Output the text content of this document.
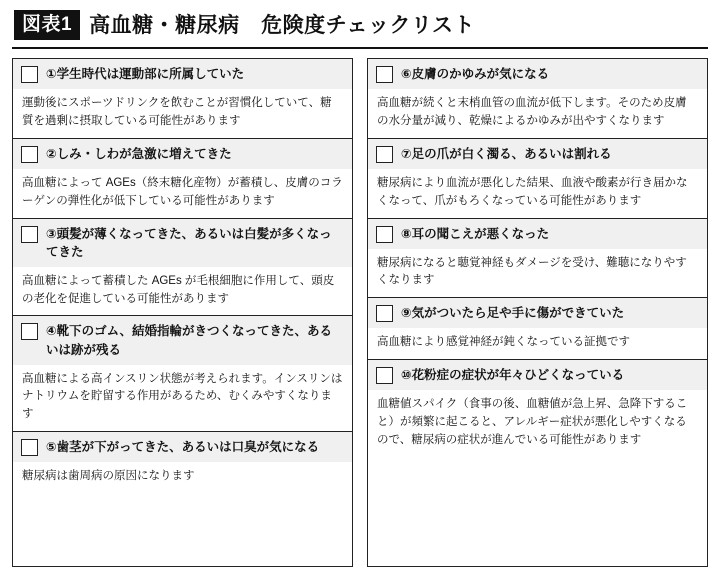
図表1 高血糖・糖尿病　危険度チェックリスト
①学生時代は運動部に所属していた
運動後にスポーツドリンクを飲むことが習慣化していて、糖質を過剰に摂取している可能性があります
②しみ・しわが急激に増えてきた
高血糖によって AGEs（終末糖化産物）が蓄積し、皮膚のコラーゲンの弾性化が低下している可能性があります
③頭髪が薄くなってきた、あるいは白髪が多くなってきた
高血糖によって蓄積した AGEs が毛根細胞に作用して、頭皮の老化を促進している可能性があります
④靴下のゴム、結婚指輪がきつくなってきた、あるいは跡が残る
高血糖による高インスリン状態が考えられます。インスリンはナトリウムを貯留する作用があるため、むくみやすくなります
⑤歯茎が下がってきた、あるいは口臭が気になる
糖尿病は歯周病の原因になります
⑥皮膚のかゆみが気になる
高血糖が続くと末梢血管の血流が低下します。そのため皮膚の水分量が減り、乾燥によるかゆみが出やすくなります
⑦足の爪が白く濁る、あるいは割れる
糖尿病により血流が悪化した結果、血液や酸素が行き届かなくなって、爪がもろくなっている可能性があります
⑧耳の聞こえが悪くなった
糖尿病になると聴覚神経もダメージを受け、難聴になりやすくなります
⑨気がついたら足や手に傷ができていた
高血糖により感覚神経が鈍くなっている証拠です
⑩花粉症の症状が年々ひどくなっている
血糖値スパイク（食事の後、血糖値が急上昇、急降下すること）が頻繁に起こると、アレルギー症状が悪化しやすくなるので、糖尿病の症状が進んでいる可能性があります
